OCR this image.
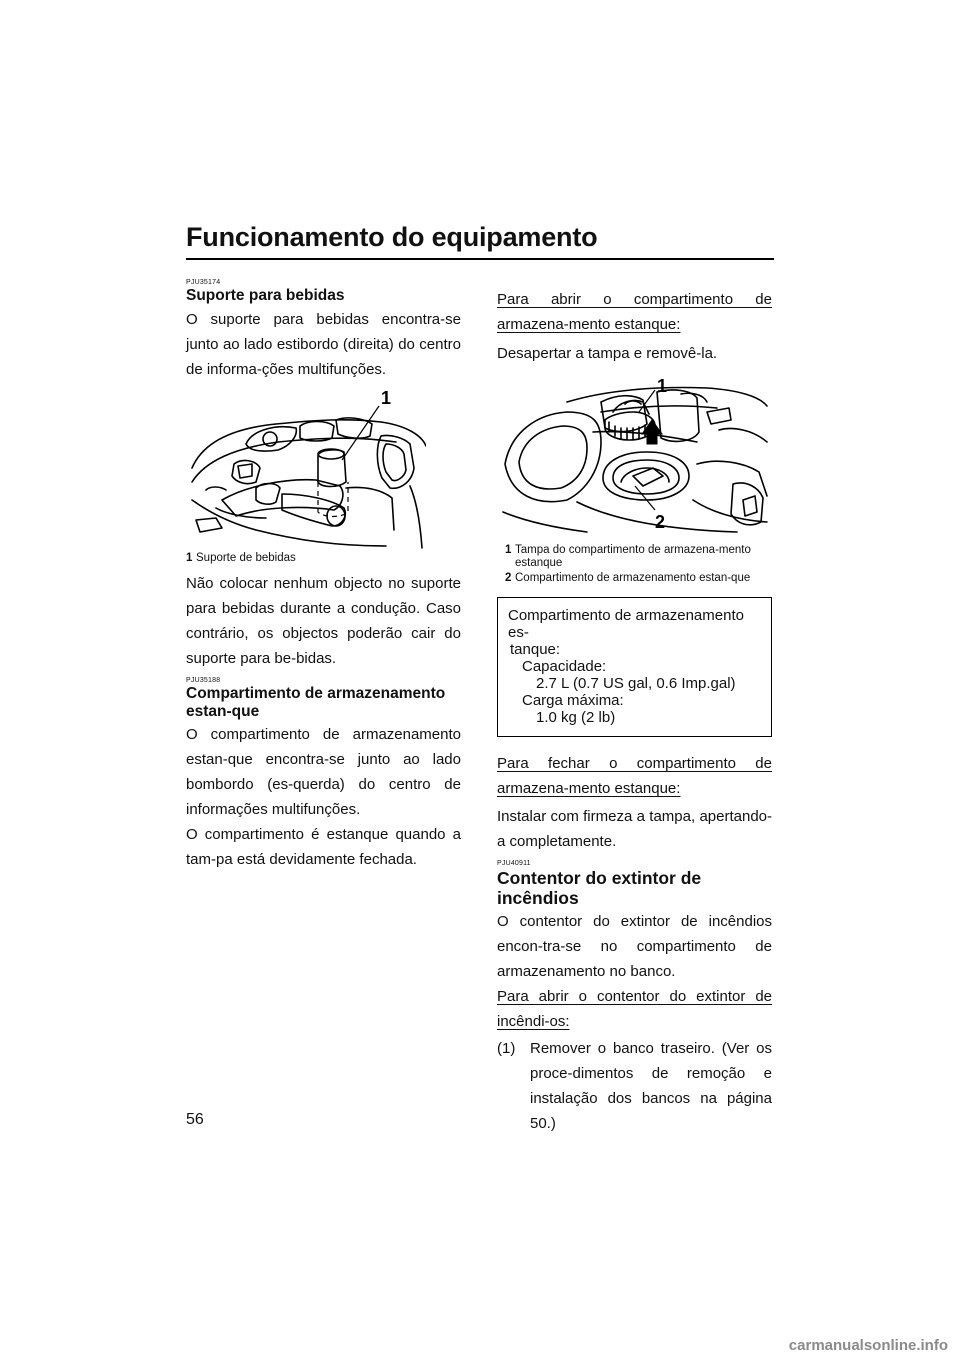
Funcionamento do equipamento
PJU35174
Suporte para bebidas

O suporte para bebidas encontra-se junto ao lado estibordo (direita) do centro de informa-ções multifunções.

1
1 Suporte de bebidas

Não colocar nenhum objecto no suporte para bebidas durante a condução. Caso contrário, os objectos poderão cair do suporte para be-bidas.

PJU35188
Compartimento de armazenamento estan-que

O compartimento de armazenamento estan-que encontra-se junto ao lado bombordo (es-querda) do centro de informações multifunções.

O compartimento é estanque quando a tam-pa está devidamente fechada.

Para abrir o compartimento de armazena-mento estanque:

Desapertar a tampa e removê-la.

1
2
1 Tampa do compartimento de armazena-mento estanque
2 Compartimento de armazenamento estan-que
Compartimento de armazenamento es-
tanque:
Capacidade:
2.7 L (0.7 US gal, 0.6 Imp.gal)
Carga máxima:
1.0 kg (2 lb)

Para fechar o compartimento de armazena-mento estanque:

Instalar com firmeza a tampa, apertando-a completamente.

PJU40911
Contentor do extintor de incêndios

O contentor do extintor de incêndios encon-tra-se no compartimento de armazenamento no banco.

Para abrir o contentor do extintor de incêndi-os:

(1) Remover o banco traseiro. (Ver os proce-dimentos de remoção e instalação dos bancos na página 50.)
56
carmanualsonline.info
